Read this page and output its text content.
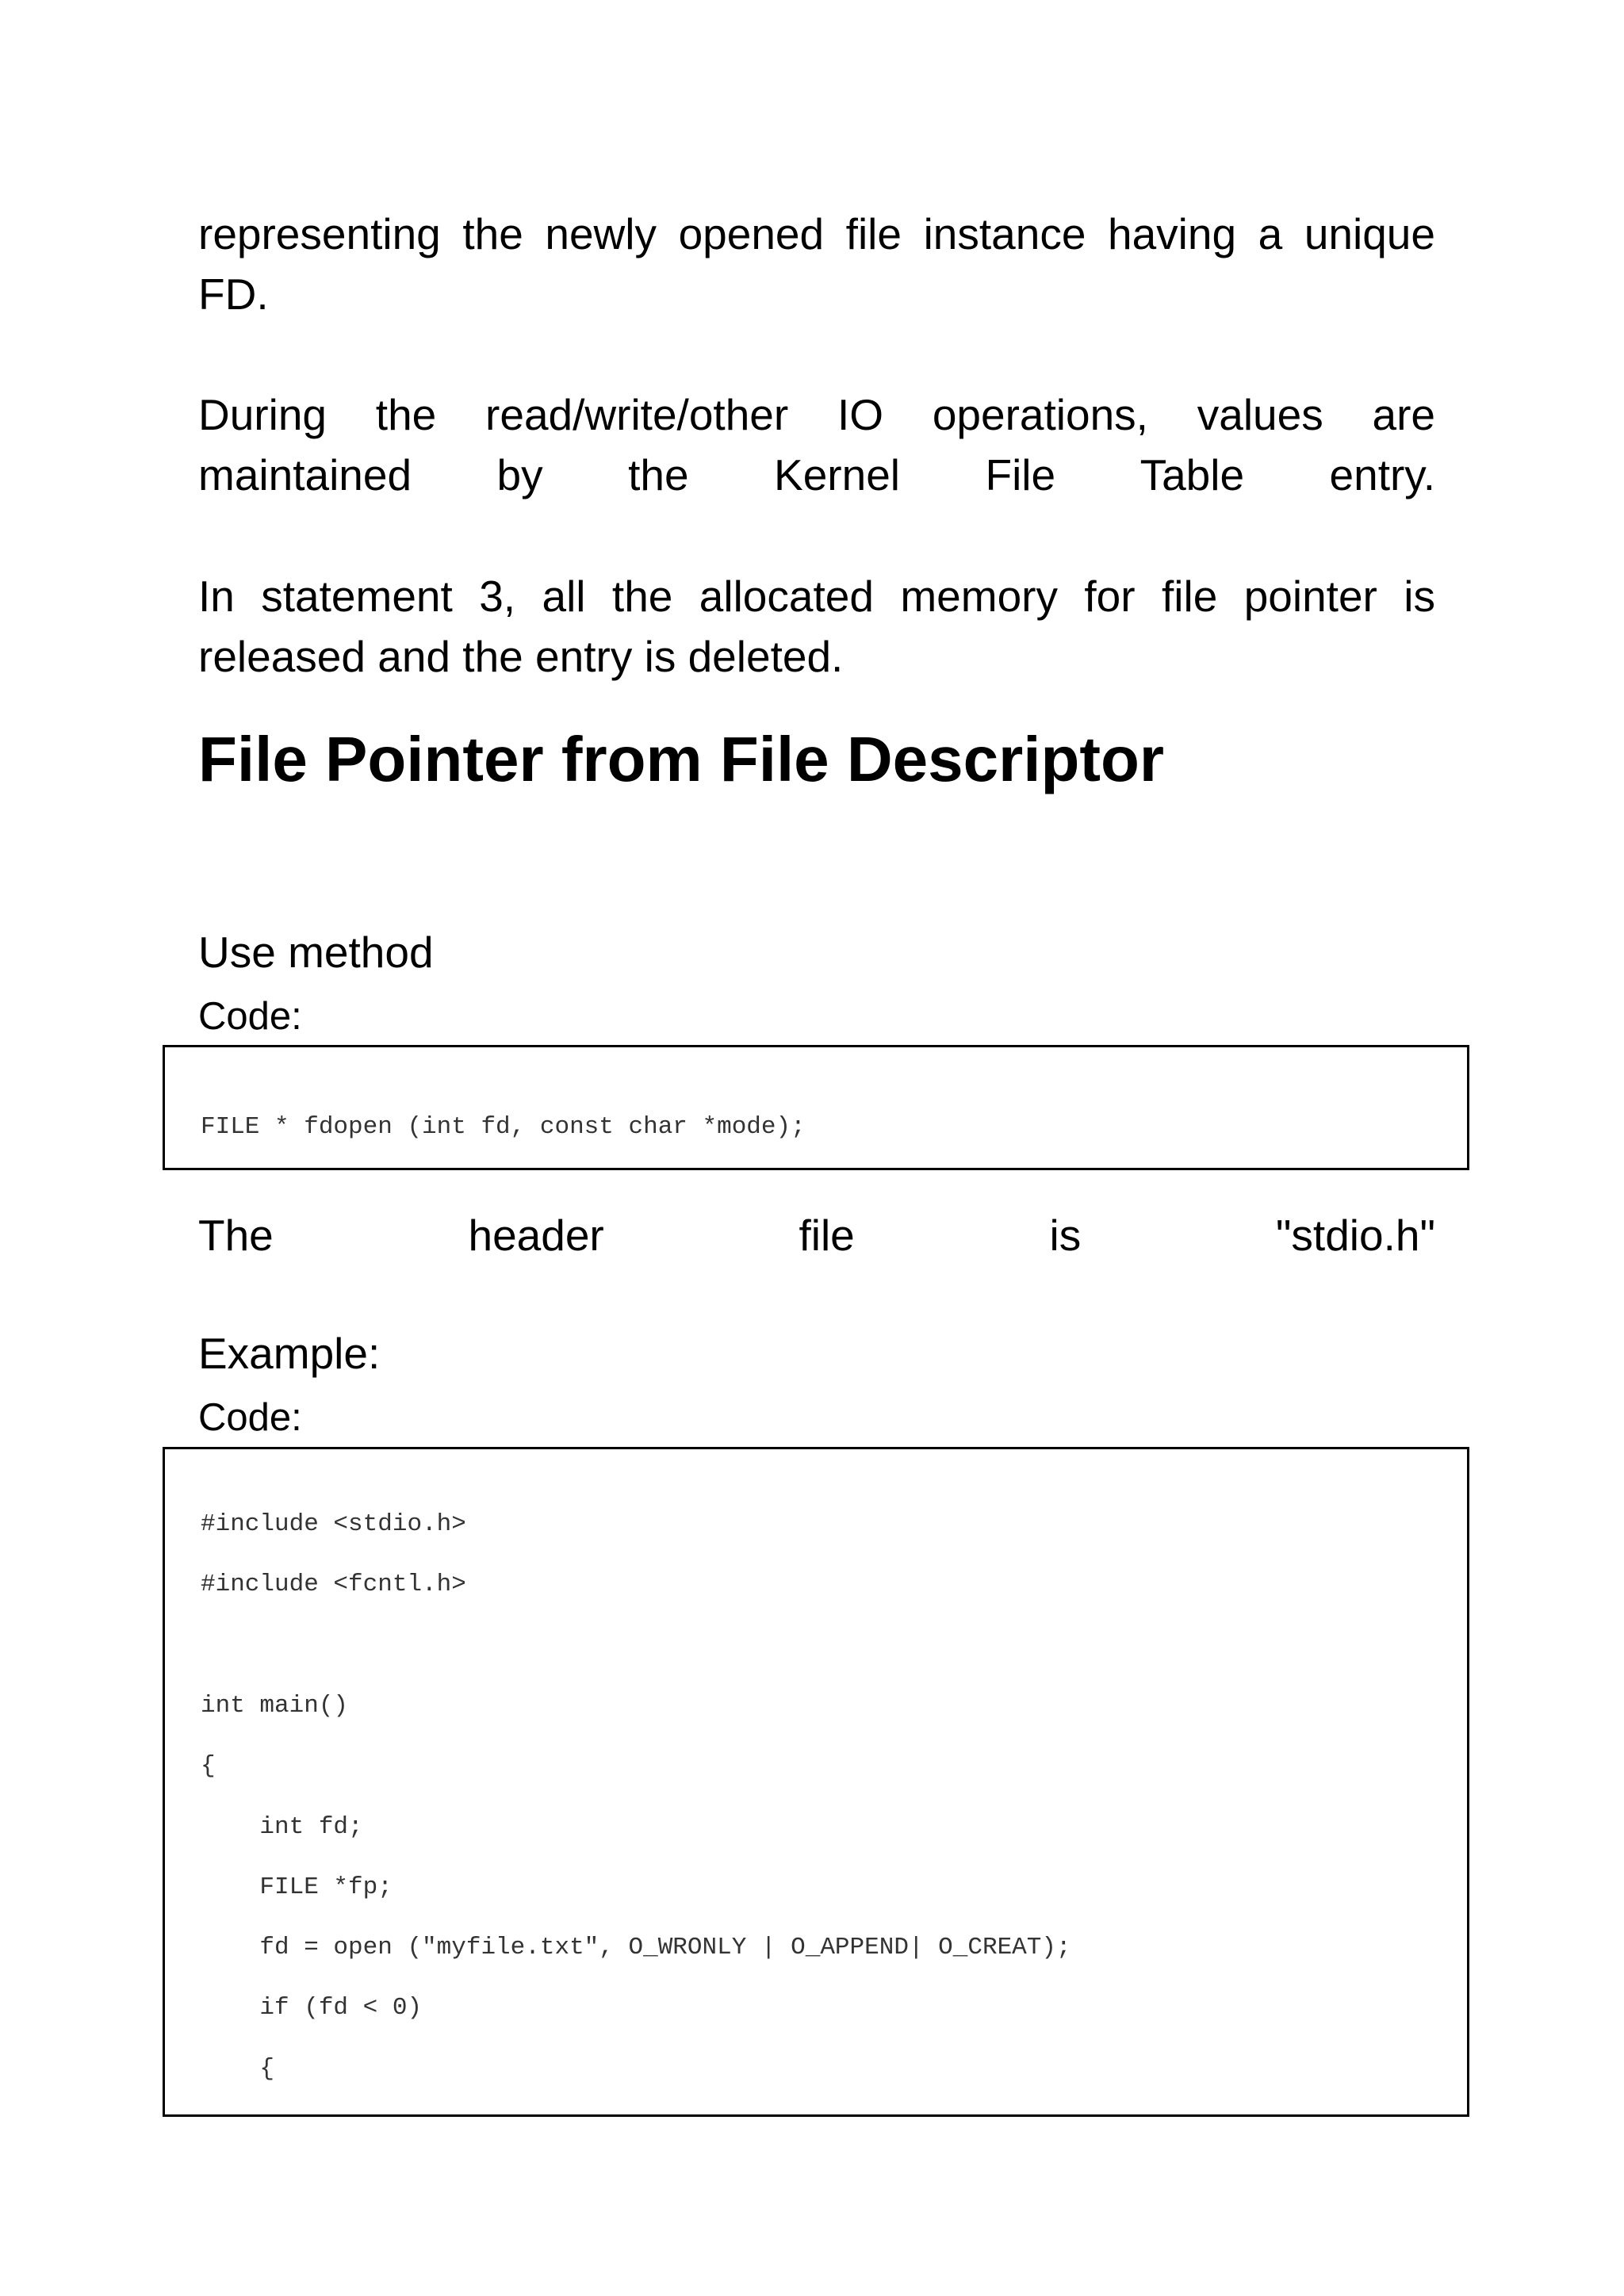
representing the newly opened file instance having a unique
FD.
During the read/write/other IO operations, values are
maintained by the Kernel File Table entry.
In statement 3, all the allocated memory for file pointer is
released and the entry is deleted.
File Pointer from File Descriptor

Use method

Code:

FILE * fdopen (int fd, const char *mode);

The header file is "stdio.h"

Example:

Code:

#include <stdio.h>

#include <fcntl.h>

int main()

{

int fd;

FILE *fp;

fd = open ("myfile.txt", O_WRONLY | O_APPEND| O_CREAT);

if (fd < 0)

{
